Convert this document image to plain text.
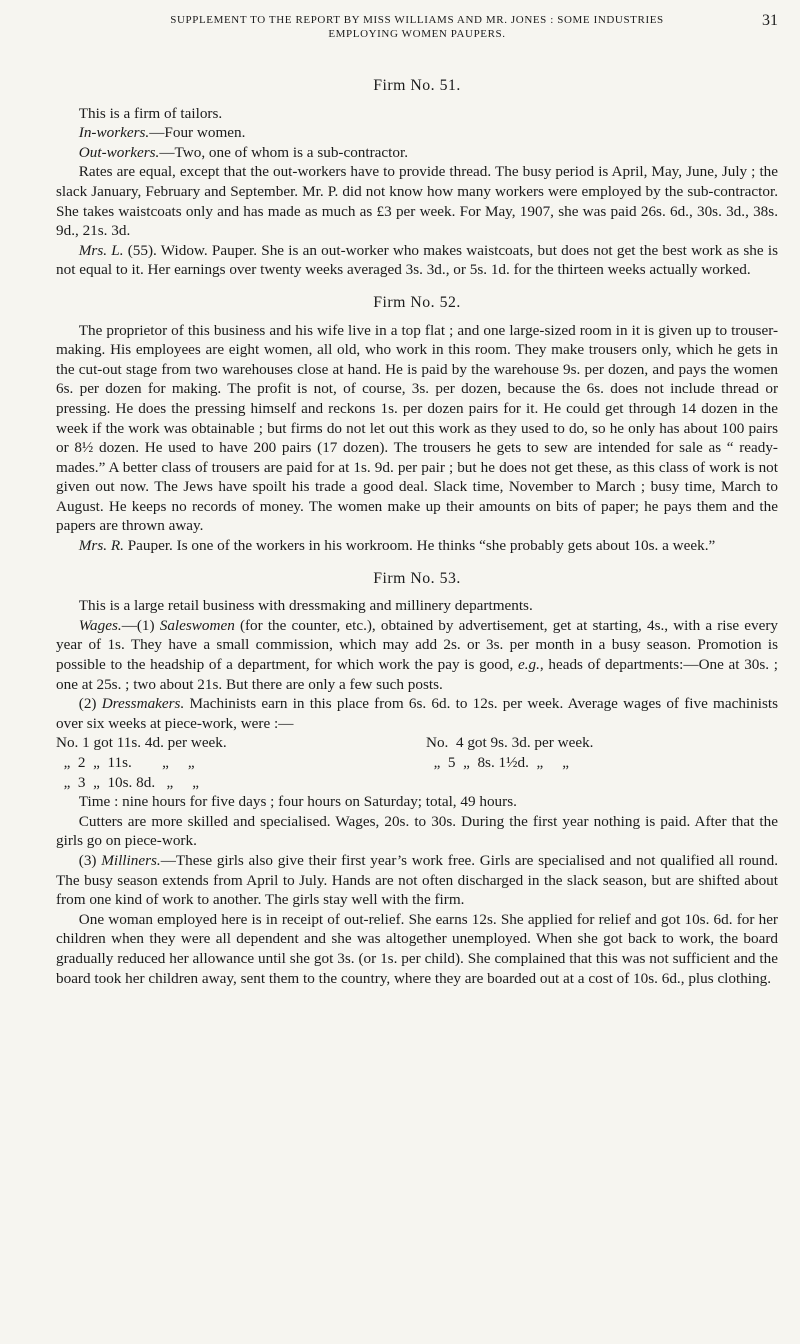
SUPPLEMENT TO THE REPORT BY MISS WILLIAMS AND MR. JONES : SOME INDUSTRIES
EMPLOYING WOMEN PAUPERS.
31
Firm No. 51.

  This is a firm of tailors.

  In-workers.—Four women.

  Out-workers.—Two, one of whom is a sub-contractor.

  Rates are equal, except that the out-workers have to provide thread. The busy period is April, May, June, July ; the slack January, February and September. Mr. P. did not know how many workers were employed by the sub-contractor. She takes waistcoats only and has made as much as £3 per week. For May, 1907, she was paid 26s. 6d., 30s. 3d., 38s. 9d., 21s. 3d.

  Mrs. L. (55). Widow. Pauper. She is an out-worker who makes waistcoats, but does not get the best work as she is not equal to it. Her earnings over twenty weeks averaged 3s. 3d., or 5s. 1d. for the thirteen weeks actually worked.

Firm No. 52.

  The proprietor of this business and his wife live in a top flat ; and one large-sized room in it is given up to trouser-making. His employees are eight women, all old, who work in this room. They make trousers only, which he gets in the cut-out stage from two warehouses close at hand. He is paid by the warehouse 9s. per dozen, and pays the women 6s. per dozen for making. The profit is not, of course, 3s. per dozen, because the 6s. does not include thread or pressing. He does the pressing himself and reckons 1s. per dozen pairs for it. He could get through 14 dozen in the week if the work was obtainable ; but firms do not let out this work as they used to do, so he only has about 100 pairs or 8½ dozen. He used to have 200 pairs (17 dozen). The trousers he gets to sew are intended for sale as “ ready-mades.” A better class of trousers are paid for at 1s. 9d. per pair ; but he does not get these, as this class of work is not given out now. The Jews have spoilt his trade a good deal. Slack time, November to March ; busy time, March to August. He keeps no records of money. The women make up their amounts on bits of paper; he pays them and the papers are thrown away.

  Mrs. R. Pauper. Is one of the workers in his workroom. He thinks “she probably gets about 10s. a week.”

Firm No. 53.

  This is a large retail business with dressmaking and millinery departments.

  Wages.—(1) Saleswomen (for the counter, etc.), obtained by advertisement, get at starting, 4s., with a rise every year of 1s. They have a small commission, which may add 2s. or 3s. per month in a busy season. Promotion is possible to the headship of a department, for which work the pay is good, e.g., heads of departments:—One at 30s. ; one at 25s. ; two about 21s. But there are only a few such posts.

  (2) Dressmakers. Machinists earn in this place from 6s. 6d. to 12s. per week. Average wages of five machinists over six weeks at piece-work, were :—

No. 1 got 11s. 4d. per week.	No.  4 got 9s. 3d. per week.
„  2  „  11s.        „     „	„  5  „  8s. 1½d.  „     „
„  3  „  10s. 8d.   „     „

  Time : nine hours for five days ; four hours on Saturday; total, 49 hours.

  Cutters are more skilled and specialised. Wages, 20s. to 30s. During the first year nothing is paid. After that the girls go on piece-work.

  (3) Milliners.—These girls also give their first year’s work free. Girls are specialised and not qualified all round. The busy season extends from April to July. Hands are not often discharged in the slack season, but are shifted about from one kind of work to another. The girls stay well with the firm.

  One woman employed here is in receipt of out-relief. She earns 12s. She applied for relief and got 10s. 6d. for her children when they were all dependent and she was altogether unemployed. When she got back to work, the board gradually reduced her allowance until she got 3s. (or 1s. per child). She complained that this was not sufficient and the board took her children away, sent them to the country, where they are boarded out at a cost of 10s. 6d., plus clothing.
